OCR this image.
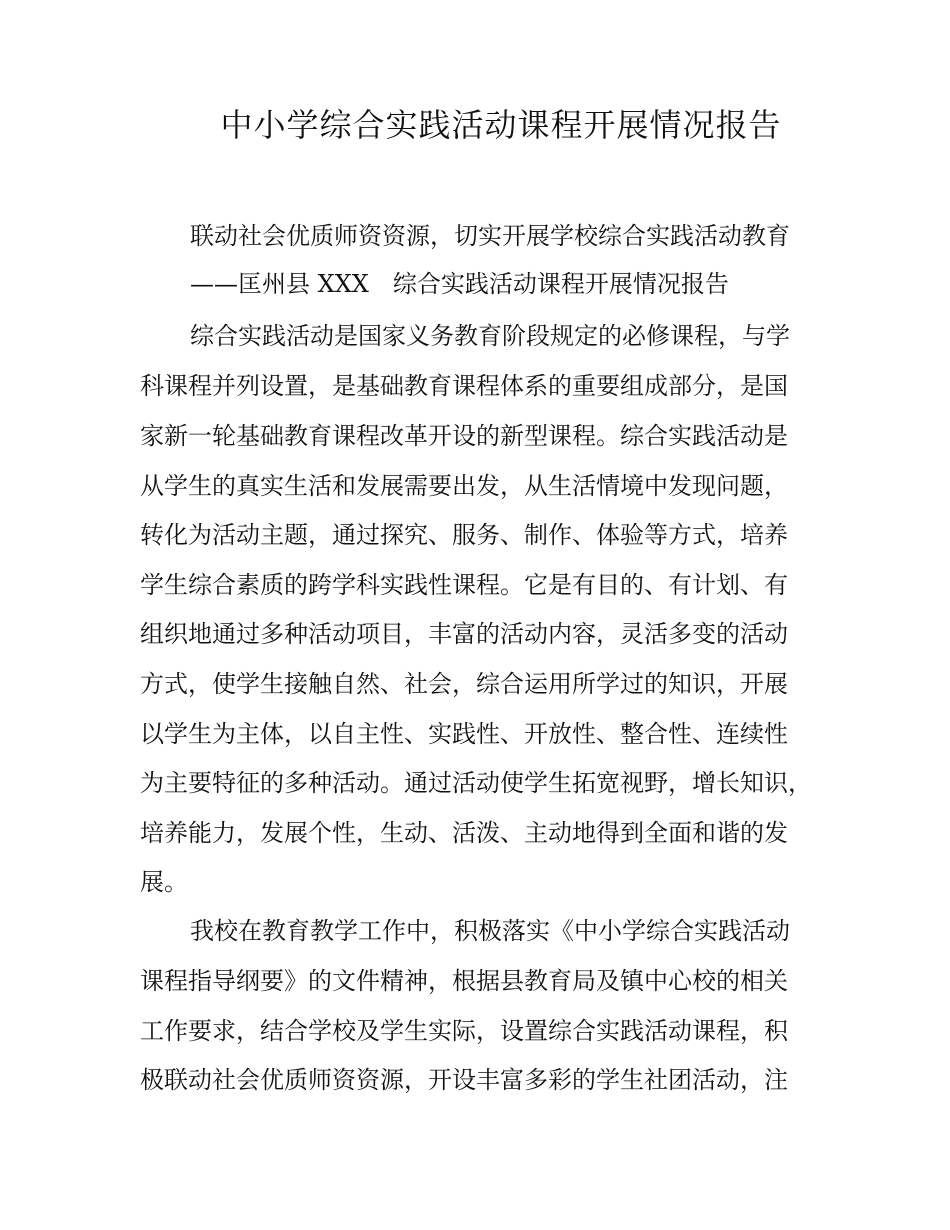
中小学综合实践活动课程开展情况报告
联动社会优质师资资源，切实开展学校综合实践活动教育
——匡州县 XXX　综合实践活动课程开展情况报告
综合实践活动是国家义务教育阶段规定的必修课程，与学
科课程并列设置，是基础教育课程体系的重要组成部分，是国
家新一轮基础教育课程改革开设的新型课程。综合实践活动是
从学生的真实生活和发展需要出发，从生活情境中发现问题，
转化为活动主题，通过探究、服务、制作、体验等方式，培养
学生综合素质的跨学科实践性课程。它是有目的、有计划、有
组织地通过多种活动项目，丰富的活动内容，灵活多变的活动
方式，使学生接触自然、社会，综合运用所学过的知识，开展
以学生为主体，以自主性、实践性、开放性、整合性、连续性
为主要特征的多种活动。通过活动使学生拓宽视野，增长知识，
培养能力，发展个性，生动、活泼、主动地得到全面和谐的发
展。
我校在教育教学工作中，积极落实《中小学综合实践活动
课程指导纲要》的文件精神，根据县教育局及镇中心校的相关
工作要求，结合学校及学生实际，设置综合实践活动课程，积
极联动社会优质师资资源，开设丰富多彩的学生社团活动，注
